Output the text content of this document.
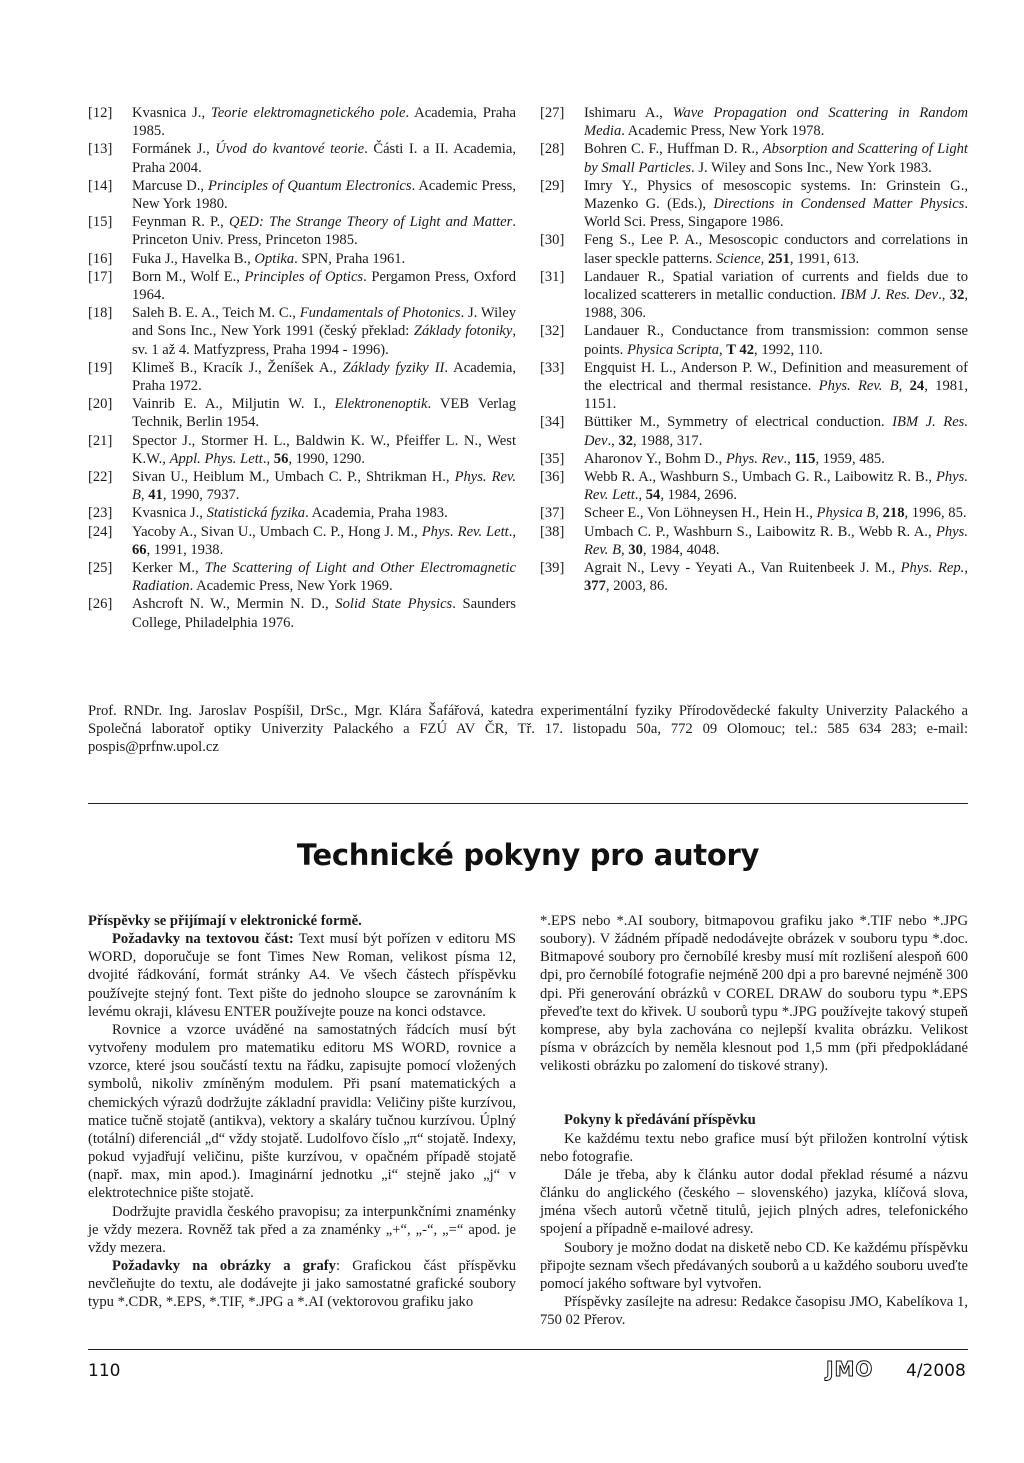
[12]	Kvasnica J., Teorie elektromagnetického pole. Academia, Praha 1985.
[13]	Formánek J., Úvod do kvantové teorie. Části I. a II. Academia, Praha 2004.
[14]	Marcuse D., Principles of Quantum Electronics. Academic Press, New York 1980.
[15]	Feynman R. P., QED: The Strange Theory of Light and Matter. Princeton Univ. Press, Princeton 1985.
[16]	Fuka J., Havelka B., Optika. SPN, Praha 1961.
[17]	Born M., Wolf E., Principles of Optics. Pergamon Press, Oxford 1964.
[18]	Saleh B. E. A., Teich M. C., Fundamentals of Photonics. J. Wiley and Sons Inc., New York 1991 (český překlad: Základy fotoniky, sv. 1 až 4. Matfyzpress, Praha 1994 - 1996).
[19]	Klimeš B., Kracík J., Ženíšek A., Základy fyziky II. Academia, Praha 1972.
[20]	Vainrib E. A., Miljutin W. I., Elektronenoptik. VEB Verlag Technik, Berlin 1954.
[21]	Spector J., Stormer H. L., Baldwin K. W., Pfeiffer L. N., West K.W., Appl. Phys. Lett., 56, 1990, 1290.
[22]	Sivan U., Heiblum M., Umbach C. P., Shtrikman H., Phys. Rev. B, 41, 1990, 7937.
[23]	Kvasnica J., Statistická fyzika. Academia, Praha 1983.
[24]	Yacoby A., Sivan U., Umbach C. P., Hong J. M., Phys. Rev. Lett., 66, 1991, 1938.
[25]	Kerker M., The Scattering of Light and Other Electromagnetic Radiation. Academic Press, New York 1969.
[26]	Ashcroft N. W., Mermin N. D., Solid State Physics. Saunders College, Philadelphia 1976.
[27]	Ishimaru A., Wave Propagation ond Scattering in Random Media. Academic Press, New York 1978.
[28]	Bohren C. F., Huffman D. R., Absorption and Scattering of Light by Small Particles. J. Wiley and Sons Inc., New York 1983.
[29]	Imry Y., Physics of mesoscopic systems. In: Grinstein G., Mazenko G. (Eds.), Directions in Condensed Matter Physics. World Sci. Press, Singapore 1986.
[30]	Feng S., Lee P. A., Mesoscopic conductors and correlations in laser speckle patterns. Science, 251, 1991, 613.
[31]	Landauer R., Spatial variation of currents and fields due to localized scatterers in metallic conduction. IBM J. Res. Dev., 32, 1988, 306.
[32]	Landauer R., Conductance from transmission: common sense points. Physica Scripta, T 42, 1992, 110.
[33]	Engquist H. L., Anderson P. W., Definition and measurement of the electrical and thermal resistance. Phys. Rev. B, 24, 1981, 1151.
[34]	Büttiker M., Symmetry of electrical conduction. IBM J. Res. Dev., 32, 1988, 317.
[35]	Aharonov Y., Bohm D., Phys. Rev., 115, 1959, 485.
[36]	Webb R. A., Washburn S., Umbach G. R., Laibowitz R. B., Phys. Rev. Lett., 54, 1984, 2696.
[37]	Scheer E., Von Löhneysen H., Hein H., Physica B, 218, 1996, 85.
[38]	Umbach C. P., Washburn S., Laibowitz R. B., Webb R. A., Phys. Rev. B, 30, 1984, 4048.
[39]	Agrait N., Levy - Yeyati A., Van Ruitenbeek J. M., Phys. Rep., 377, 2003, 86.
Prof. RNDr. Ing. Jaroslav Pospíšil, DrSc., Mgr. Klára Šafářová, katedra experimentální fyziky Přírodovědecké fakulty Univerzity Palackého a Společná laboratoř optiky Univerzity Palackého a FZÚ AV ČR, Tř. 17. listopadu 50a, 772 09 Olomouc; tel.: 585 634 283; e-mail: pospis@prfnw.upol.cz
Technické pokyny pro autory

Příspěvky se přijímají v elektronické formě.

Požadavky na textovou část: Text musí být pořízen v editoru MS WORD, doporučuje se font Times New Roman, velikost písma 12, dvojité řádkování, formát stránky A4. Ve všech částech příspěvku používejte stejný font. Text pište do jednoho sloupce se zarovnáním k levému okraji, klávesu ENTER používejte pouze na konci odstavce.

Rovnice a vzorce uváděné na samostatných řádcích musí být vytvořeny modulem pro matematiku editoru MS WORD, rovnice a vzorce, které jsou součástí textu na řádku, zapisujte pomocí vložených symbolů, nikoliv zmíněným modulem. Při psaní matematických a chemických výrazů dodržujte základní pravidla: Veličiny pište kurzívou, matice tučně stojatě (antikva), vektory a skaláry tučnou kurzívou. Úplný (totální) diferenciál „d“ vždy stojatě. Ludolfovo číslo „π“ stojatě. Indexy, pokud vyjadřují veličinu, pište kurzívou, v opačném případě stojatě (např. max, min apod.). Imaginární jednotku „i“ stejně jako „j“ v elektrotechnice pište stojatě.

Dodržujte pravidla českého pravopisu; za interpunkčními znaménky je vždy mezera. Rovněž tak před a za znaménky „+“, „-“, „=“ apod. je vždy mezera.

Požadavky na obrázky a grafy: Grafickou část příspěvku nevčleňujte do textu, ale dodávejte ji jako samostatné grafické soubory typu *.CDR, *.EPS, *.TIF, *.JPG a *.AI (vektorovou grafiku jako

*.EPS nebo *.AI soubory, bitmapovou grafiku jako *.TIF nebo *.JPG soubory). V žádném případě nedodávejte obrázek v souboru typu *.doc. Bitmapové soubory pro černobílé kresby musí mít rozlišení alespoň 600 dpi, pro černobílé fotografie nejméně 200 dpi a pro barevné nejméně 300 dpi. Při generování obrázků v COREL DRAW do souboru typu *.EPS převeďte text do křivek. U souborů typu *.JPG používejte takový stupeň komprese, aby byla zachována co nejlepší kvalita obrázku. Velikost písma v obrázcích by neměla klesnout pod 1,5 mm (při předpokládané velikosti obrázku po zalomení do tiskové strany).

Pokyny k předávání příspěvku

Ke každému textu nebo grafice musí být přiložen kontrolní výtisk nebo fotografie.

Dále je třeba, aby k článku autor dodal překlad résumé a názvu článku do anglického (českého – slovenského) jazyka, klíčová slova, jména všech autorů včetně titulů, jejich plných adres, telefonického spojení a případně e-mailové adresy.

Soubory je možno dodat na disketě nebo CD. Ke každému příspěvku připojte seznam všech předávaných souborů a u každého souboru uveďte pomocí jakého software byl vytvořen.

Příspěvky zasílejte na adresu: Redakce časopisu JMO, Kabelíkova 1, 750 02 Přerov.

110	JMO 4/2008
